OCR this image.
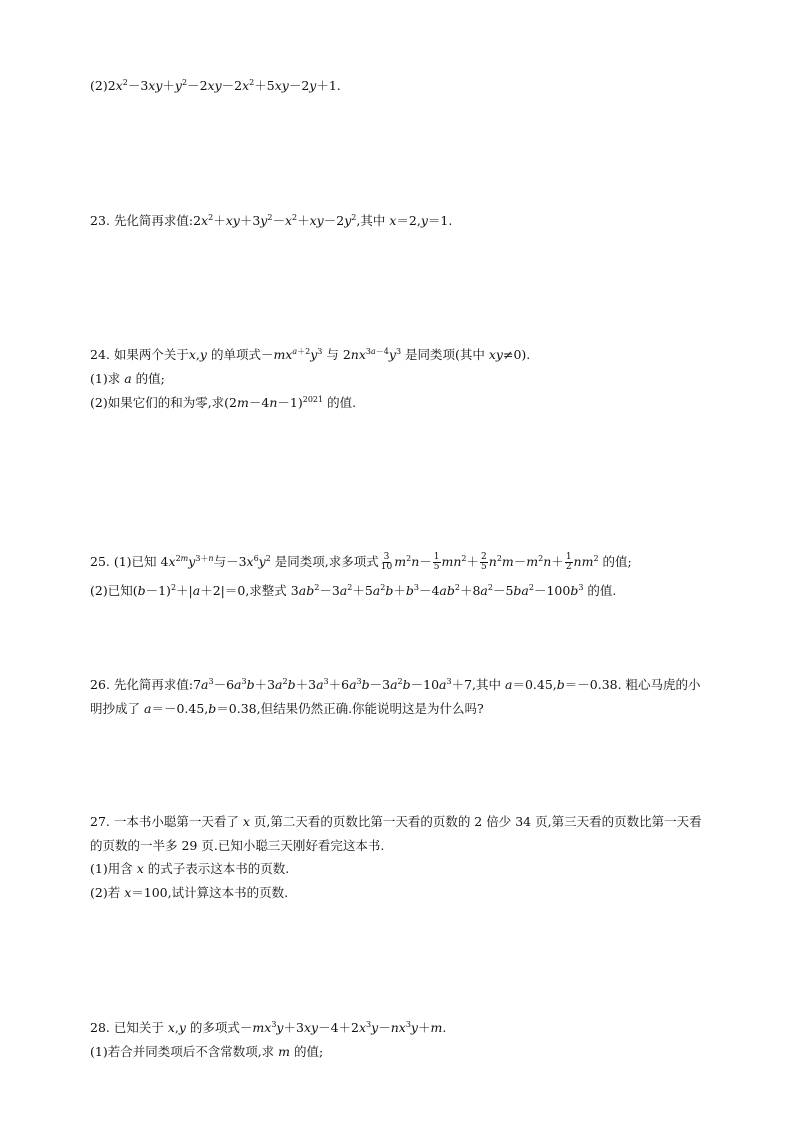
$(2)2x^2-3xy+y^2-2xy-2x^2+5xy-2y+1$.
23. 先化简再求值$:2x^2+xy+3y^2-x^2+xy-2y^2$,其中 x＝2,y＝1.
24. 如果两个关于x,y 的单项式$-mx^{a+2}y^3$ 与 $2nx^{3a-4}y^3$ 是同类项(其中 xy≠0).
(1)求 a 的值;
(2)如果它们的和为零,求$(2m-4n-1)^{2021}$ 的值.
25. (1)已知 $4x^{2m}y^{3+n}$与$-3x^6y^2$ 是同类项,求多项式 $\frac{3}{10} m^2n- \frac{1}{5} mn^2+ \frac{2}{5} n^2m-m^2n+ \frac{1}{2} nm^2$ 的值;
(2)已知$(b-1)^2+|a+2|=0$,求整式 $3ab^2-3a^2+5a^2b+b^3-4ab^2+8a^2-5ba^2-100b^3$ 的值.
26. 先化简再求值$:7a^3-6a^3b+3a^2b+3a^3+6a^3b-3a^2b-10a^3+7$,其中 a＝0.45,b＝－0.38. 粗心马虎的小明抄成了 a＝－0.45,b＝0.38,但结果仍然正确.你能说明这是为什么吗?
27. 一本书小聪第一天看了 x 页,第二天看的页数比第一天看的页数的 2 倍少 34 页,第三天看的页数比第一天看的页数的一半多 29 页.已知小聪三天刚好看完这本书.
(1)用含 x 的式子表示这本书的页数.
(2)若 x＝100,试计算这本书的页数.
28. 已知关于 x,y 的多项式$-mx^3y+3xy-4+2x^3y-nx^3y+m$.
(1)若合并同类项后不含常数项,求 m 的值;
